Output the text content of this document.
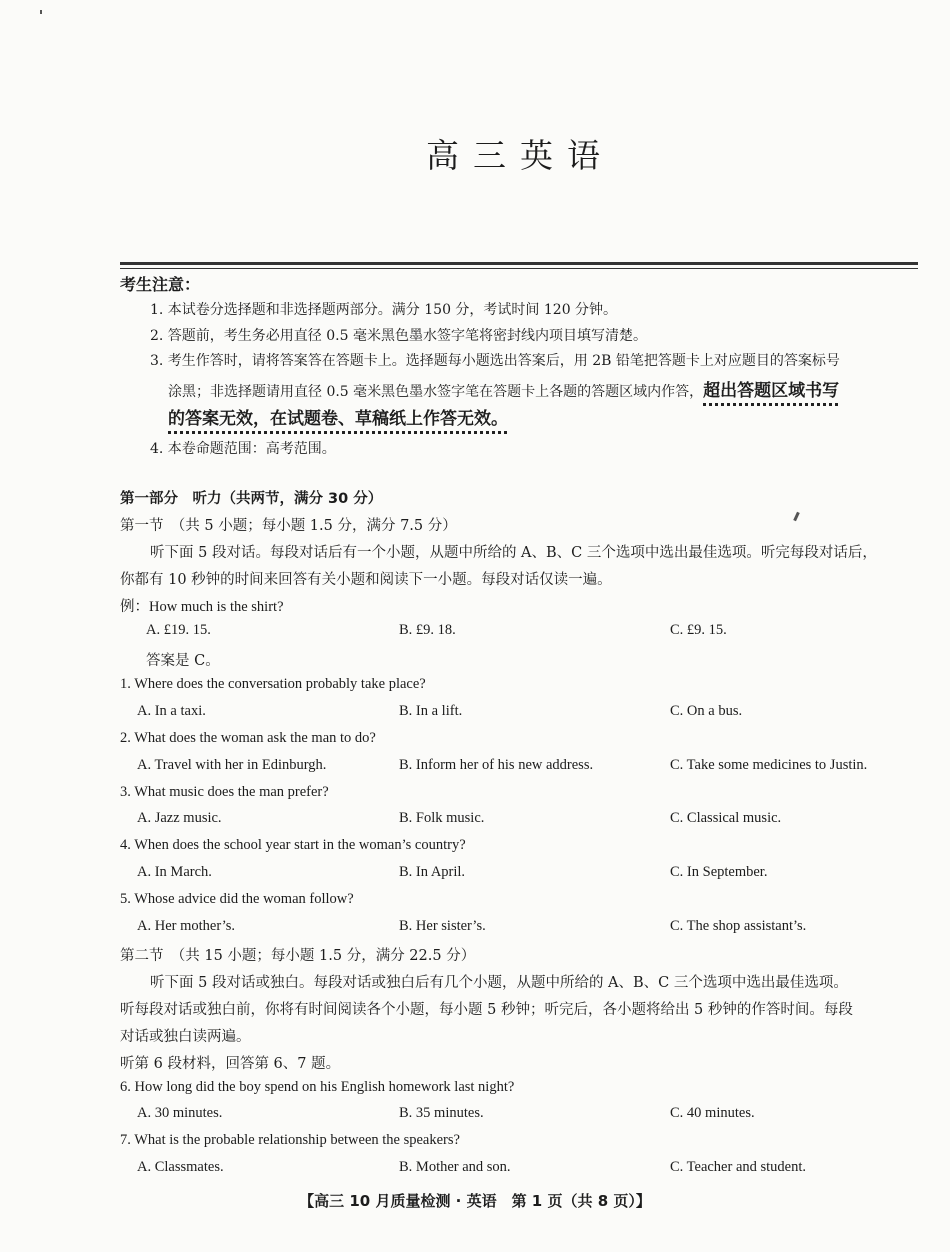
高三英语
考生注意：
1. 本试卷分选择题和非选择题两部分。满分 150 分，考试时间 120 分钟。
2. 答题前，考生务必用直径 0.5 毫米黑色墨水签字笔将密封线内项目填写清楚。
3. 考生作答时，请将答案答在答题卡上。选择题每小题选出答案后，用 2B 铅笔把答题卡上对应题目的答案标号
涂黑；非选择题请用直径 0.5 毫米黑色墨水签字笔在答题卡上各题的答题区域内作答，超出答题区域书写
的答案无效，在试题卷、草稿纸上作答无效。
4. 本卷命题范围：高考范围。
第一部分　听力（共两节，满分 30 分）
第一节　（共 5 小题；每小题 1.5 分，满分 7.5 分）
听下面 5 段对话。每段对话后有一个小题，从题中所给的 A、B、C 三个选项中选出最佳选项。听完每段对话后，
你都有 10 秒钟的时间来回答有关小题和阅读下一小题。每段对话仅读一遍。
例：How much is the shirt?
A. £19. 15.	B. £9. 18.	C. £9. 15.
答案是 C。
1. Where does the conversation probably take place?
A. In a taxi.	B. In a lift.	C. On a bus.
2. What does the woman ask the man to do?
A. Travel with her in Edinburgh.	B. Inform her of his new address.	C. Take some medicines to Justin.
3. What music does the man prefer?
A. Jazz music.	B. Folk music.	C. Classical music.
4. When does the school year start in the woman’s country?
A. In March.	B. In April.	C. In September.
5. Whose advice did the woman follow?
A. Her mother’s.	B. Her sister’s.	C. The shop assistant’s.
第二节　（共 15 小题；每小题 1.5 分，满分 22.5 分）
听下面 5 段对话或独白。每段对话或独白后有几个小题，从题中所给的 A、B、C 三个选项中选出最佳选项。
听每段对话或独白前，你将有时间阅读各个小题，每小题 5 秒钟；听完后，各小题将给出 5 秒钟的作答时间。每段
对话或独白读两遍。
听第 6 段材料，回答第 6、7 题。
6. How long did the boy spend on his English homework last night?
A. 30 minutes.	B. 35 minutes.	C. 40 minutes.
7. What is the probable relationship between the speakers?
A. Classmates.	B. Mother and son.	C. Teacher and student.
【高三 10 月质量检测 · 英语　第 1 页（共 8 页）】
